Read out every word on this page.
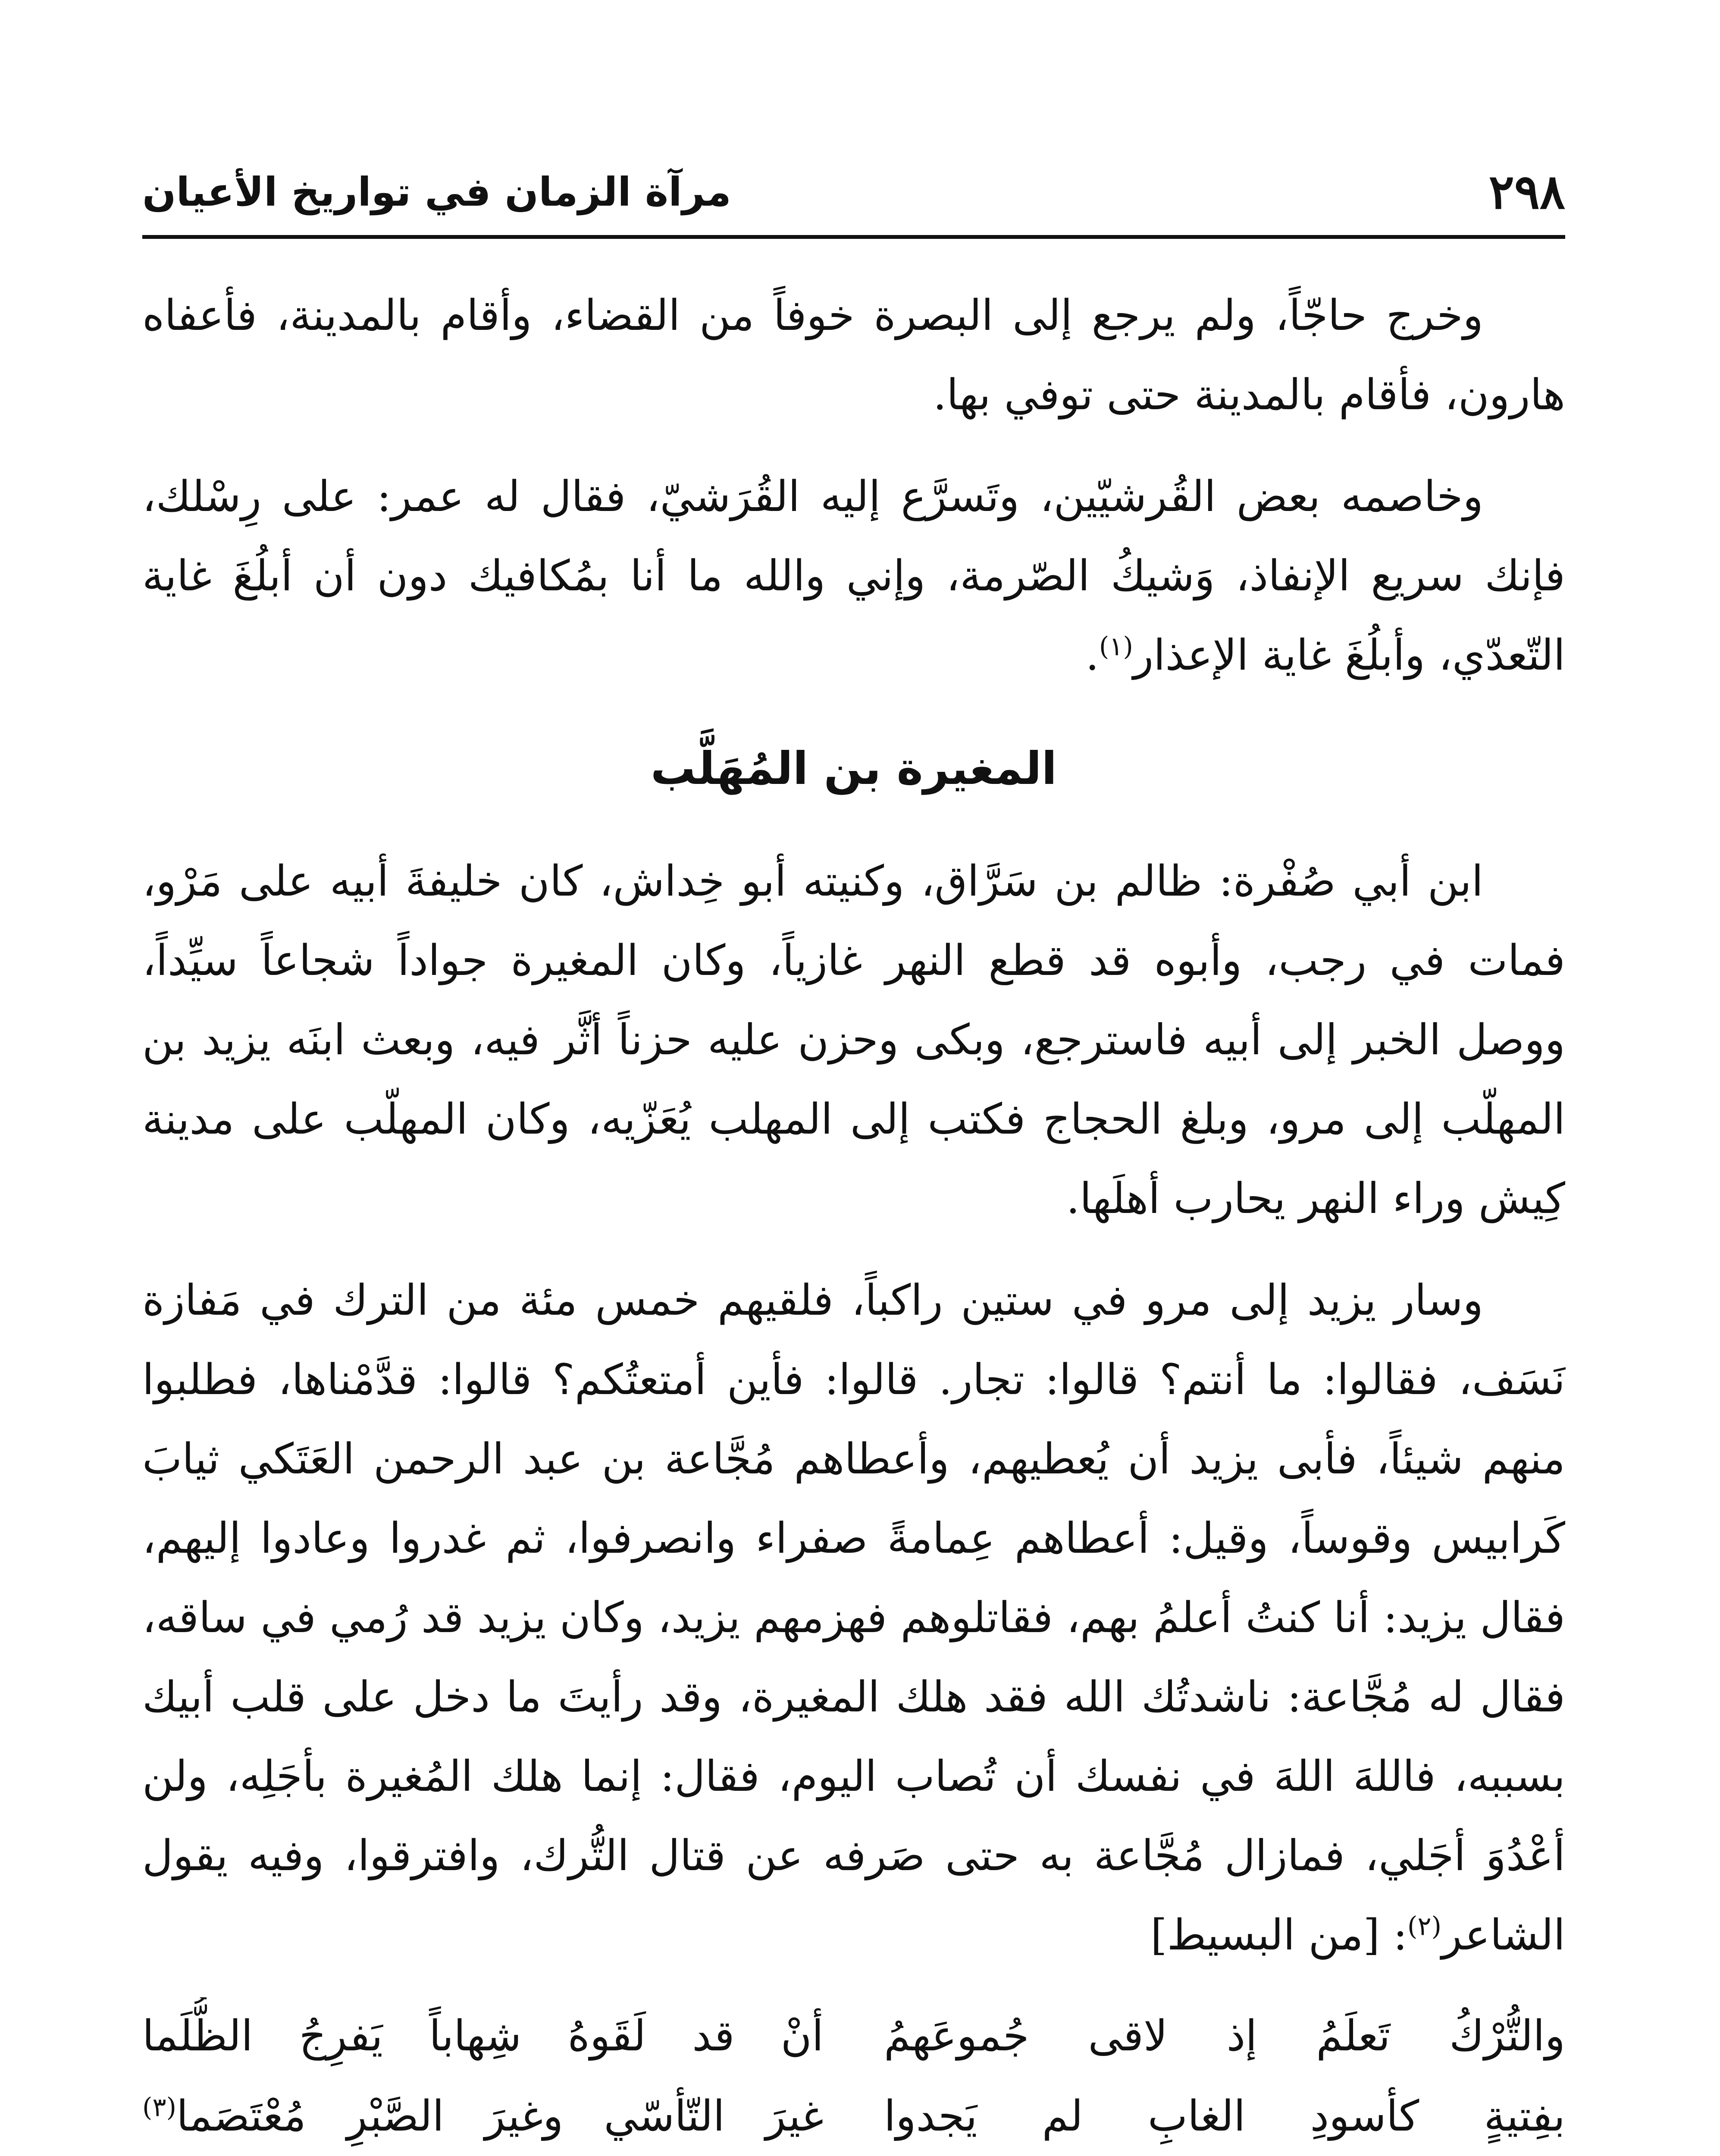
٢٩٨
مرآة الزمان في تواريخ الأعيان

وخرج حاجّاً، ولم يرجع إلى البصرة خوفاً من القضاء، وأقام بالمدينة، فأعفاه هارون، فأقام بالمدينة حتى توفي بها.

وخاصمه بعض القُرشيّين، وتَسرَّع إليه القُرَشيّ، فقال له عمر: على رِسْلك، فإنك سريع الإنفاذ، وَشيكُ الصّرمة، وإني والله ما أنا بمُكافيك دون أن أبلُغَ غاية التّعدّي، وأبلُغَ غاية الإعذار$^{(١)}$.

المغيرة بن المُهَلَّب

ابن أبي صُفْرة: ظالم بن سَرَّاق، وكنيته أبو خِداش، كان خليفةَ أبيه على مَرْو، فمات في رجب، وأبوه قد قطع النهر غازياً، وكان المغيرة جواداً شجاعاً سيِّداً، ووصل الخبر إلى أبيه فاسترجع، وبكى وحزن عليه حزناً أثَّر فيه، وبعث ابنَه يزيد بن المهلّب إلى مرو، وبلغ الحجاج فكتب إلى المهلب يُعَزّيه، وكان المهلّب على مدينة كِيش وراء النهر يحارب أهلَها.

وسار يزيد إلى مرو في ستين راكباً، فلقيهم خمس مئة من الترك في مَفازة نَسَف، فقالوا: ما أنتم؟ قالوا: تجار. قالوا: فأين أمتعتُكم؟ قالوا: قدَّمْناها، فطلبوا منهم شيئاً، فأبى يزيد أن يُعطيهم، وأعطاهم مُجَّاعة بن عبد الرحمن العَتَكي ثيابَ كَرابيس وقوساً، وقيل: أعطاهم عِمامةً صفراء وانصرفوا، ثم غدروا وعادوا إليهم، فقال يزيد: أنا كنتُ أعلمُ بهم، فقاتلوهم فهزمهم يزيد، وكان يزيد قد رُمي في ساقه، فقال له مُجَّاعة: ناشدتُك الله فقد هلك المغيرة، وقد رأيتَ ما دخل على قلب أبيك بسببه، فاللهَ اللهَ في نفسك أن تُصاب اليوم، فقال: إنما هلك المُغيرة بأجَلِه، ولن أعْدُوَ أجَلي، فمازال مُجَّاعة به حتى صَرفه عن قتال التُّرك، وافترقوا، وفيه يقول الشاعر$^{(٢)}$: [من البسيط]

والتُّرْكُ تَعلَمُ إذ لاقى جُموعَهمُ
أنْ قد لَقَوهُ شِهاباً يَفرِجُ الظُّلَما
بفِتيةٍ كأسودِ الغابِ لم يَجدوا
غيرَ التّأسّي وغيرَ الصَّبْرِ مُعْتَصَما$^{(٣)}$
